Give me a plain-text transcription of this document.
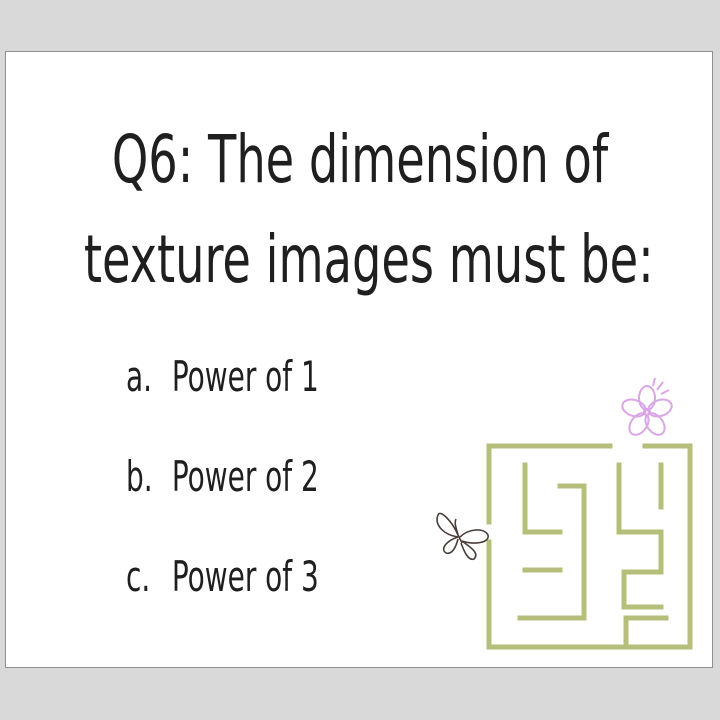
Q6: The dimension of
texture images must be:
a. Power of 1
b. Power of 2
c. Power of 3
